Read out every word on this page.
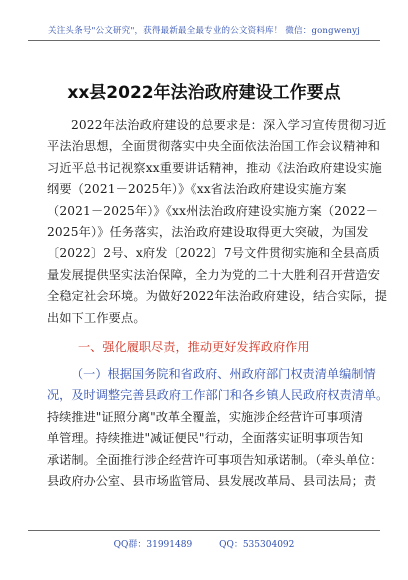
关注头条号"公文研究"，获得最新最全最专业的公文资料库！ 微信：gongwenyj
xx县2022年法治政府建设工作要点
2022年法治政府建设的总要求是：深入学习宣传贯彻习近
平法治思想，全面贯彻落实中央全面依法治国工作会议精神和
习近平总书记视察xx重要讲话精神，推动《法治政府建设实施
纲要（2021－2025年）》《xx省法治政府建设实施方案
（2021－2025年）》《xx州法治政府建设实施方案（2022－
2025年）》任务落实，法治政府建设取得更大突破，为国发
〔2022〕2号、x府发〔2022〕7号文件贯彻实施和全县高质
量发展提供坚实法治保障，全力为党的二十大胜利召开营造安
全稳定社会环境。为做好2022年法治政府建设，结合实际，提
出如下工作要点。
一、强化履职尽责，推动更好发挥政府作用
（一）根据国务院和省政府、州政府部门权责清单编制情
况，及时调整完善县政府工作部门和各乡镇人民政府权责清单。
持续推进"证照分离"改革全覆盖，实施涉企经营许可事项清
单管理。持续推进"减证便民"行动，全面落实证明事项告知
承诺制。全面推行涉企经营许可事项告知承诺制。（牵头单位：
县政府办公室、县市场监管局、县发展改革局、县司法局；责
QQ群：31991489	QQ：535304092
